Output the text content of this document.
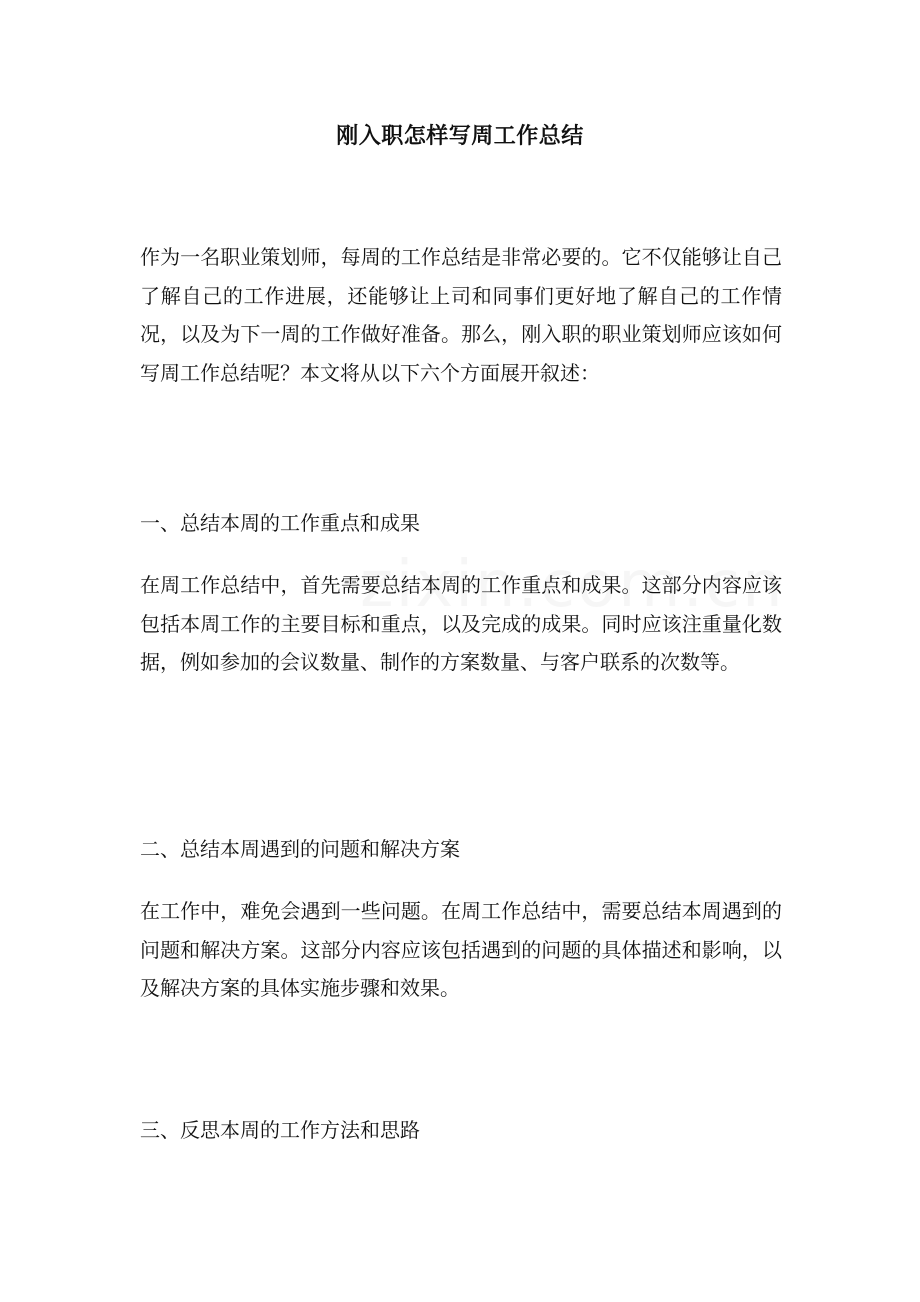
刚入职怎样写周工作总结

作为一名职业策划师，每周的工作总结是非常必要的。它不仅能够让自己了解自己的工作进展，还能够让上司和同事们更好地了解自己的工作情况，以及为下一周的工作做好准备。那么，刚入职的职业策划师应该如何写周工作总结呢？本文将从以下六个方面展开叙述：

一、总结本周的工作重点和成果

在周工作总结中，首先需要总结本周的工作重点和成果。这部分内容应该包括本周工作的主要目标和重点，以及完成的成果。同时应该注重量化数据，例如参加的会议数量、制作的方案数量、与客户联系的次数等。

二、总结本周遇到的问题和解决方案

在工作中，难免会遇到一些问题。在周工作总结中，需要总结本周遇到的问题和解决方案。这部分内容应该包括遇到的问题的具体描述和影响，以及解决方案的具体实施步骤和效果。

三、反思本周的工作方法和思路
